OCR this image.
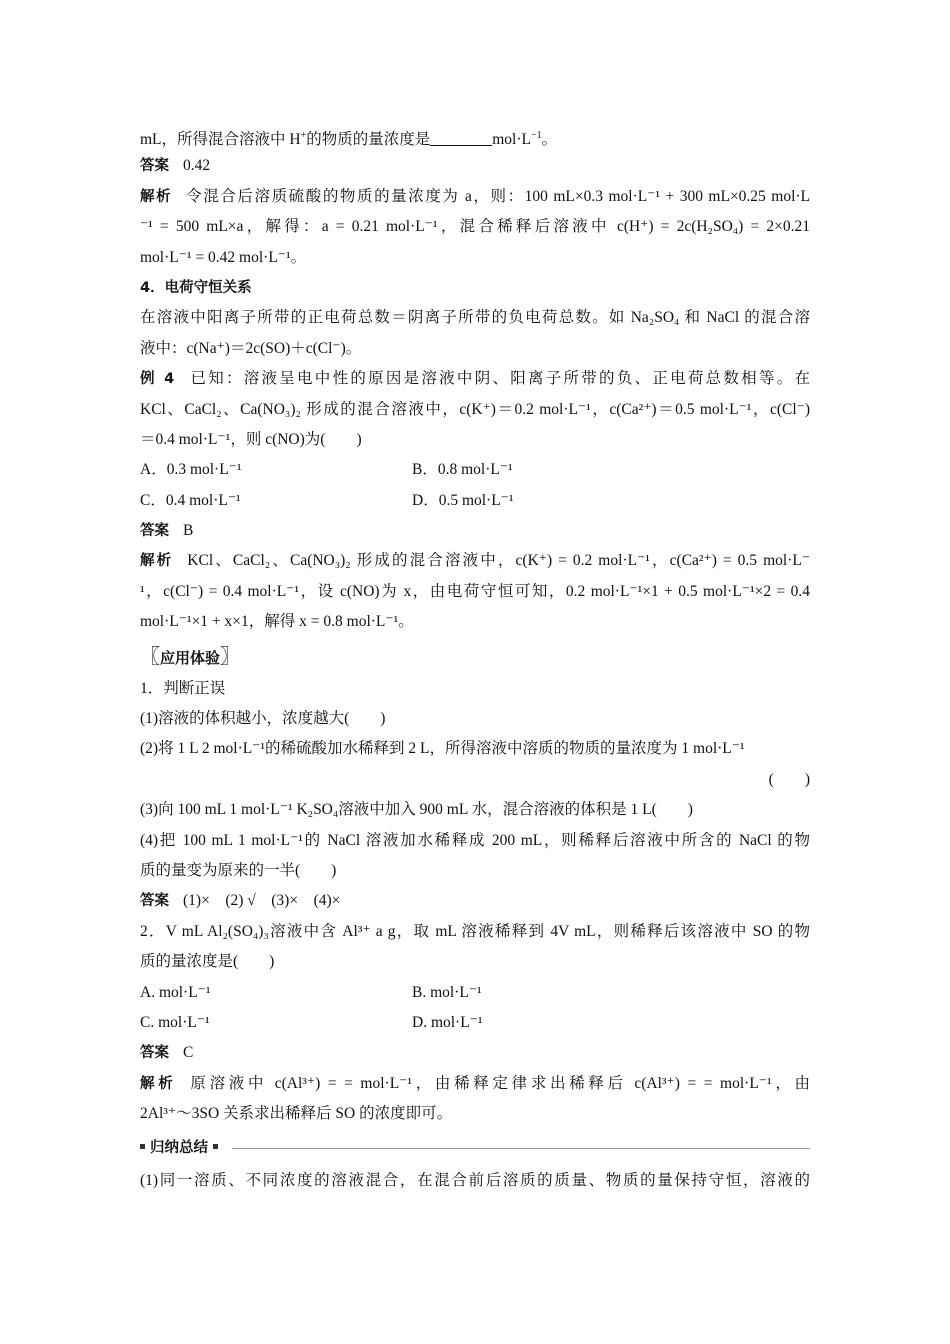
mL，所得混合溶液中 H+的物质的量浓度是	$mol\cdot L^{-1}$。
答案 0.42
解析 令混合后溶质硫酸的物质的量浓度为 a，则：100 mL×0.3 mol·L⁻¹ + 300 mL×0.25 mol·L
⁻¹ = 500 mL×a，解得：a = 0.21 mol·L⁻¹，混合稀释后溶液中 c(H⁺) = 2c(H₂SO₄) = 2×0.21
mol·L⁻¹ = 0.42 mol·L⁻¹。
4．电荷守恒关系
在溶液中阳离子所带的正电荷总数＝阴离子所带的负电荷总数。如 Na₂SO₄ 和 NaCl 的混合溶
液中：c(Na⁺)＝2c(SO)＋c(Cl⁻)。
例 4 已知：溶液呈电中性的原因是溶液中阴、阳离子所带的负、正电荷总数相等。在
KCl、CaCl₂、Ca(NO₃)₂ 形成的混合溶液中，c(K⁺)＝0.2 mol·L⁻¹，c(Ca²⁺)＝0.5 mol·L⁻¹，c(Cl⁻)
＝0.4 mol·L⁻¹，则 c(NO)为(　　)
A．0.3 mol·L⁻¹	B．0.8 mol·L⁻¹
C．0.4 mol·L⁻¹	D．0.5 mol·L⁻¹
答案 B
解析 KCl、CaCl₂、Ca(NO₃)₂ 形成的混合溶液中，c(K⁺) = 0.2 mol·L⁻¹，c(Ca²⁺) = 0.5 mol·L⁻
¹，c(Cl⁻) = 0.4 mol·L⁻¹，设 c(NO)为 x，由电荷守恒可知，0.2 mol·L⁻¹×1 + 0.5 mol·L⁻¹×2 = 0.4
mol·L⁻¹×1 + x×1，解得 x = 0.8 mol·L⁻¹。
〖应用体验〗
1．判断正误
(1)溶液的体积越小，浓度越大(　　)
(2)将 1 L 2 mol·L⁻¹的稀硫酸加水稀释到 2 L，所得溶液中溶质的物质的量浓度为 1 mol·L⁻¹
(　　)
(3)向 100 mL 1 mol·L⁻¹ K₂SO₄溶液中加入 900 mL 水，混合溶液的体积是 1 L(　　)
(4)把 100 mL 1 mol·L⁻¹的 NaCl 溶液加水稀释成 200 mL，则稀释后溶液中所含的 NaCl 的物
质的量变为原来的一半(　　)
答案 (1)×　(2) √　(3)×　(4)×
2．V mL Al₂(SO₄)₃溶液中含 Al³⁺ a g，取 mL 溶液稀释到 4V mL，则稀释后该溶液中 SO 的物
质的量浓度是(　　)
A. mol·L⁻¹	B. mol·L⁻¹
C. mol·L⁻¹	D. mol·L⁻¹
答案 C
解析 原溶液中 c(Al³⁺) = = mol·L⁻¹，由稀释定律求出稀释后 c(Al³⁺) = = mol·L⁻¹，由
2Al³⁺～3SO 关系求出稀释后 SO 的浓度即可。
归纳总结
(1)同一溶质、不同浓度的溶液混合，在混合前后溶质的质量、物质的量保持守恒，溶液的
